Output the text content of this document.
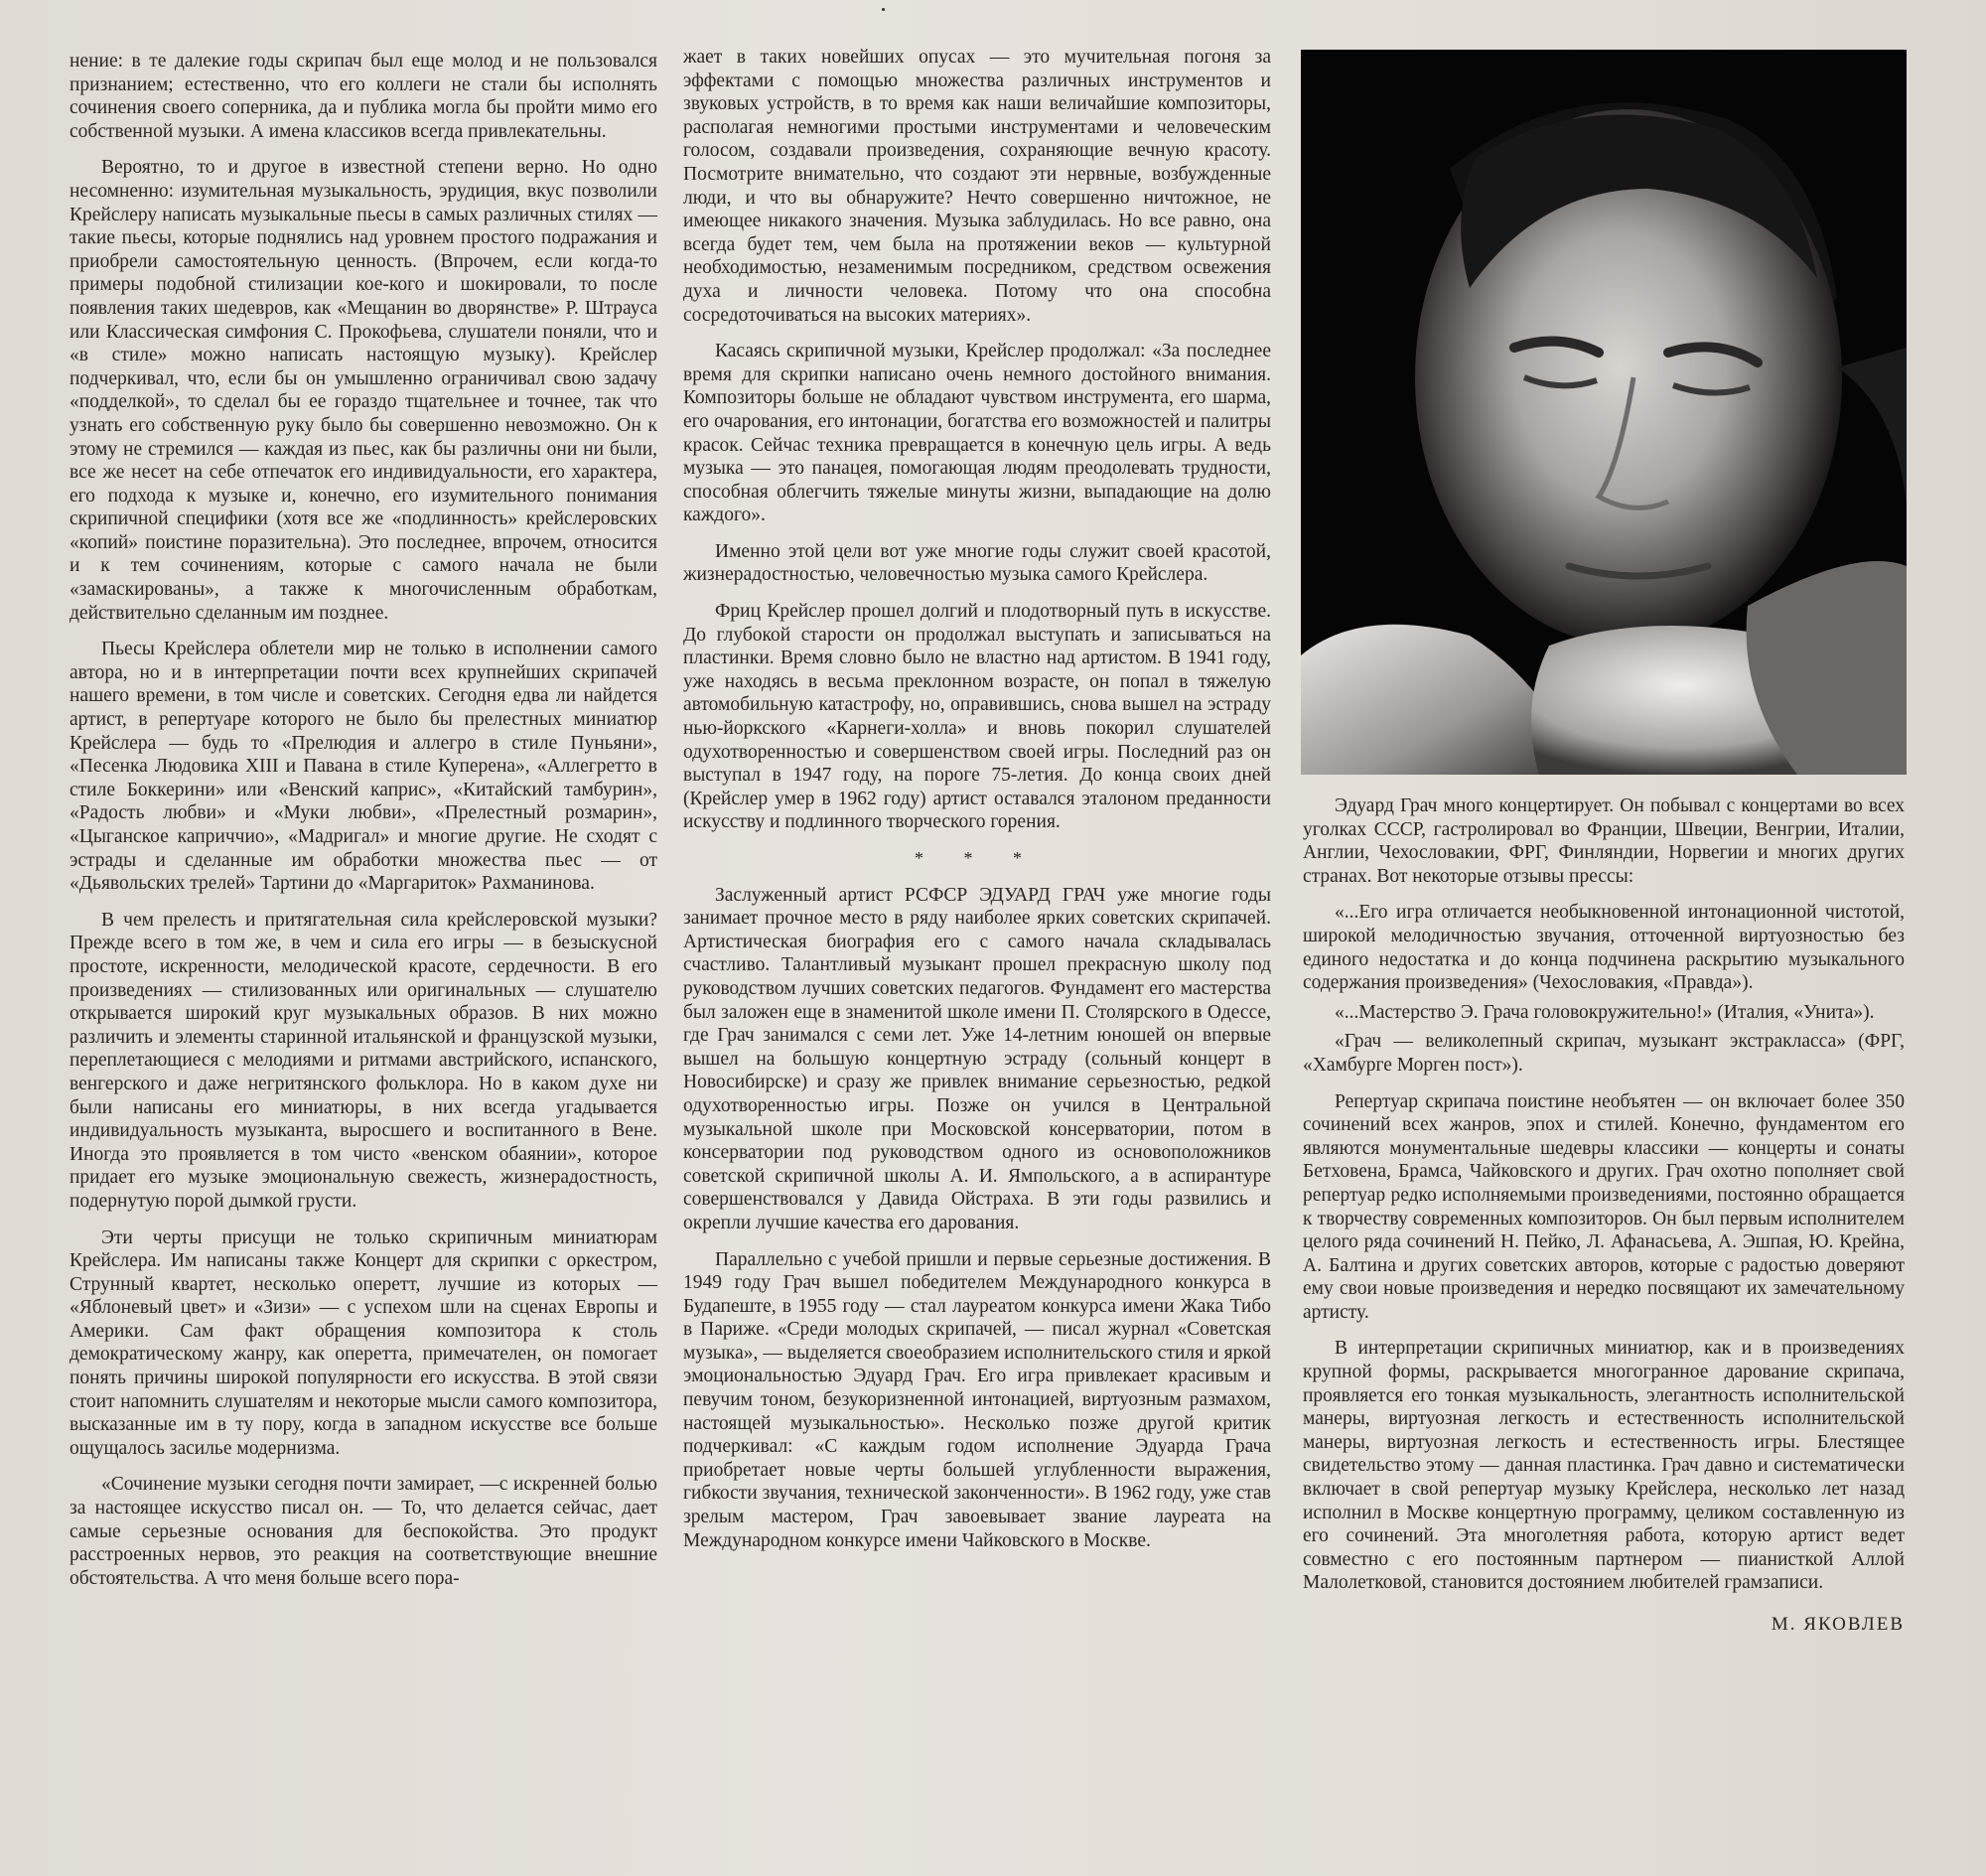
нение: в те далекие годы скрипач был еще молод и не пользовался признанием; естественно, что его коллеги не стали бы исполнять сочинения своего соперника, да и публика могла бы пройти мимо его собственной музыки. А имена классиков всегда привлекательны.

Вероятно, то и другое в известной степени верно. Но одно несомненно: изумительная музыкальность, эрудиция, вкус позволили Крейслеру написать музыкальные пьесы в самых различных стилях — такие пьесы, которые поднялись над уровнем простого подражания и приобрели самостоятельную ценность. (Впрочем, если когда-то примеры подобной стилизации кое-кого и шокировали, то после появления таких шедевров, как «Мещанин во дворянстве» Р. Штрауса или Классическая симфония С. Прокофьева, слушатели поняли, что и «в стиле» можно написать настоящую музыку). Крейслер подчеркивал, что, если бы он умышленно ограничивал свою задачу «подделкой», то сделал бы ее гораздо тщательнее и точнее, так что узнать его собственную руку было бы совершенно невозможно. Он к этому не стремился — каждая из пьес, как бы различны они ни были, все же несет на себе отпечаток его индивидуальности, его характера, его подхода к музыке и, конечно, его изумительного понимания скрипичной специфики (хотя все же «подлинность» крейслеровских «копий» поистине поразительна). Это последнее, впрочем, относится и к тем сочинениям, которые с самого начала не были «замаскированы», а также к многочисленным обработкам, действительно сделанным им позднее.

Пьесы Крейслера облетели мир не только в исполнении самого автора, но и в интерпретации почти всех крупнейших скрипачей нашего времени, в том числе и советских. Сегодня едва ли найдется артист, в репертуаре которого не было бы прелестных миниатюр Крейслера — будь то «Прелюдия и аллегро в стиле Пуньяни», «Песенка Людовика XIII и Павана в стиле Куперена», «Аллегретто в стиле Боккерини» или «Венский каприс», «Китайский тамбурин», «Радость любви» и «Муки любви», «Прелестный розмарин», «Цыганское каприччио», «Мадригал» и многие другие. Не сходят с эстрады и сделанные им обработки множества пьес — от «Дьявольских трелей» Тартини до «Маргариток» Рахманинова.

В чем прелесть и притягательная сила крейслеровской музыки? Прежде всего в том же, в чем и сила его игры — в безыскусной простоте, искренности, мелодической красоте, сердечности. В его произведениях — стилизованных или оригинальных — слушателю открывается широкий круг музыкальных образов. В них можно различить и элементы старинной итальянской и французской музыки, переплетающиеся с мелодиями и ритмами австрийского, испанского, венгерского и даже негритянского фольклора. Но в каком духе ни были написаны его миниатюры, в них всегда угадывается индивидуальность музыканта, выросшего и воспитанного в Вене. Иногда это проявляется в том чисто «венском обаянии», которое придает его музыке эмоциональную свежесть, жизнерадостность, подернутую порой дымкой грусти.

Эти черты присущи не только скрипичным миниатюрам Крейслера. Им написаны также Концерт для скрипки с оркестром, Струнный квартет, несколько оперетт, лучшие из которых — «Яблоневый цвет» и «Зизи» — с успехом шли на сценах Европы и Америки. Сам факт обращения композитора к столь демократическому жанру, как оперетта, примечателен, он помогает понять причины широкой популярности его искусства. В этой связи стоит напомнить слушателям и некоторые мысли самого композитора, высказанные им в ту пору, когда в западном искусстве все больше ощущалось засилье модернизма.

«Сочинение музыки сегодня почти замирает, —с искренней болью за настоящее искусство писал он. — То, что делается сейчас, дает самые серьезные основания для беспокойства. Это продукт расстроенных нервов, это реакция на соответствующие внешние обстоятельства. А что меня больше всего пора-

жает в таких новейших опусах — это мучительная погоня за эффектами с помощью множества различных инструментов и звуковых устройств, в то время как наши величайшие композиторы, располагая немногими простыми инструментами и человеческим голосом, создавали произведения, сохраняющие вечную красоту. Посмотрите внимательно, что создают эти нервные, возбужденные люди, и что вы обнаружите? Нечто совершенно ничтожное, не имеющее никакого значения. Музыка заблудилась. Но все равно, она всегда будет тем, чем была на протяжении веков — культурной необходимостью, незаменимым посредником, средством освежения духа и личности человека. Потому что она способна сосредоточиваться на высоких материях».

Касаясь скрипичной музыки, Крейслер продолжал: «За последнее время для скрипки написано очень немного достойного внимания. Композиторы больше не обладают чувством инструмента, его шарма, его очарования, его интонации, богатства его возможностей и палитры красок. Сейчас техника превращается в конечную цель игры. А ведь музыка — это панацея, помогающая людям преодолевать трудности, способная облегчить тяжелые минуты жизни, выпадающие на долю каждого».

Именно этой цели вот уже многие годы служит своей красотой, жизнерадостностью, человечностью музыка самого Крейслера.

Фриц Крейслер прошел долгий и плодотворный путь в искусстве. До глубокой старости он продолжал выступать и записываться на пластинки. Время словно было не властно над артистом. В 1941 году, уже находясь в весьма преклонном возрасте, он попал в тяжелую автомобильную катастрофу, но, оправившись, снова вышел на эстраду нью-йоркского «Карнеги-холла» и вновь покорил слушателей одухотворенностью и совершенством своей игры. Последний раз он выступал в 1947 году, на пороге 75-летия. До конца своих дней (Крейслер умер в 1962 году) артист оставался эталоном преданности искусству и подлинного творческого горения.

* * *

Заслуженный артист РСФСР ЭДУАРД ГРАЧ уже многие годы занимает прочное место в ряду наиболее ярких советских скрипачей. Артистическая биография его с самого начала складывалась счастливо. Талантливый музыкант прошел прекрасную школу под руководством лучших советских педагогов. Фундамент его мастерства был заложен еще в знаменитой школе имени П. Столярского в Одессе, где Грач занимался с семи лет. Уже 14-летним юношей он впервые вышел на большую концертную эстраду (сольный концерт в Новосибирске) и сразу же привлек внимание серьезностью, редкой одухотворенностью игры. Позже он учился в Центральной музыкальной школе при Московской консерватории, потом в консерватории под руководством одного из основоположников советской скрипичной школы А. И. Ямпольского, а в аспирантуре совершенствовался у Давида Ойстраха. В эти годы развились и окрепли лучшие качества его дарования.

Параллельно с учебой пришли и первые серьезные достижения. В 1949 году Грач вышел победителем Международного конкурса в Будапеште, в 1955 году — стал лауреатом конкурса имени Жака Тибо в Париже. «Среди молодых скрипачей, — писал журнал «Советская музыка», — выделяется своеобразием исполнительского стиля и яркой эмоциональностью Эдуард Грач. Его игра привлекает красивым и певучим тоном, безукоризненной интонацией, виртуозным размахом, настоящей музыкальностью». Несколько позже другой критик подчеркивал: «С каждым годом исполнение Эдуарда Грача приобретает новые черты большей углубленности выражения, гибкости звучания, технической законченности». В 1962 году, уже став зрелым мастером, Грач завоевывает звание лауреата на Международном конкурсе имени Чайковского в Москве.

Эдуард Грач много концертирует. Он побывал с концертами во всех уголках СССР, гастролировал во Франции, Швеции, Венгрии, Италии, Англии, Чехословакии, ФРГ, Финляндии, Норвегии и многих других странах. Вот некоторые отзывы прессы:

«...Его игра отличается необыкновенной интонационной чистотой, широкой мелодичностью звучания, отточенной виртуозностью без единого недостатка и до конца подчинена раскрытию музыкального содержания произведения» (Чехословакия, «Правда»).

«...Мастерство Э. Грача головокружительно!» (Италия, «Унита»).

«Грач — великолепный скрипач, музыкант экстракласса» (ФРГ, «Хамбурге Морген пост»).

Репертуар скрипача поистине необъятен — он включает более 350 сочинений всех жанров, эпох и стилей. Конечно, фундаментом его являются монументальные шедевры классики — концерты и сонаты Бетховена, Брамса, Чайковского и других. Грач охотно пополняет свой репертуар редко исполняемыми произведениями, постоянно обращается к творчеству современных композиторов. Он был первым исполнителем целого ряда сочинений Н. Пейко, Л. Афанасьева, А. Эшпая, Ю. Крейна, А. Балтина и других советских авторов, которые с радостью доверяют ему свои новые произведения и нередко посвящают их замечательному артисту.

В интерпретации скрипичных миниатюр, как и в произведениях крупной формы, раскрывается многогранное дарование скрипача, проявляется его тонкая музыкальность, элегантность исполнительской манеры, виртуозная легкость и естественность исполнительской манеры, виртуозная легкость и естественность игры. Блестящее свидетельство этому — данная пластинка. Грач давно и систематически включает в свой репертуар музыку Крейслера, несколько лет назад исполнил в Москве концертную программу, целиком составленную из его сочинений. Эта многолетняя работа, которую артист ведет совместно с его постоянным партнером — пианисткой Аллой Малолетковой, становится достоянием любителей грамзаписи.

М. ЯКОВЛЕВ
